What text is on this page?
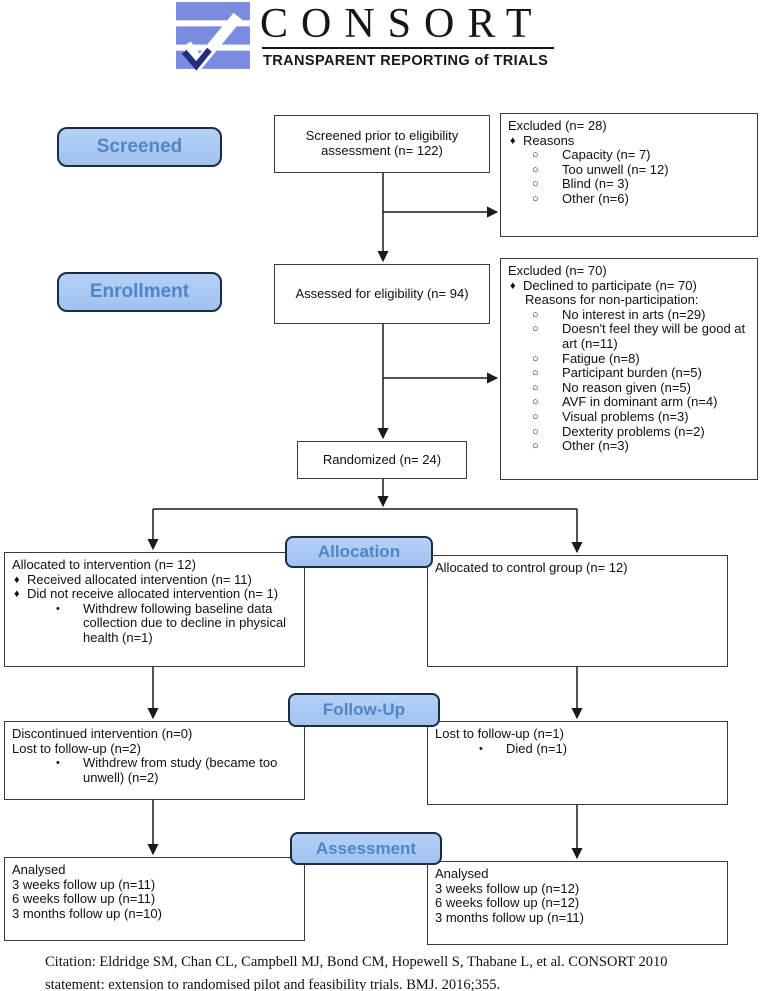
CONSORT
TRANSPARENT REPORTING of TRIALS
Screened
Enrollment
Allocation
Follow-Up
Assessment
Screened prior to eligibility assessment (n= 122)
Excluded (n= 28)
♦ Reasons
○	Capacity (n= 7)
○	Too unwell (n= 12)
○	Blind (n= 3)
○	Other (n=6)
Assessed for eligibility (n= 94)
Excluded (n= 70)
♦ Declined to participate (n= 70)
Reasons for non-participation:
○	No interest in arts (n=29)
○	Doesn't feel they will be good at art (n=11)
○	Fatigue (n=8)
○	Participant burden (n=5)
○	No reason given (n=5)
○	AVF in dominant arm (n=4)
○	Visual problems (n=3)
○	Dexterity problems (n=2)
○	Other (n=3)
Randomized (n= 24)
Allocated to intervention (n= 12)
♦ Received allocated intervention (n= 11)
♦ Did not receive allocated intervention (n= 1)
•	Withdrew following baseline data collection due to decline in physical health (n=1)
Allocated to control group (n= 12)
Discontinued intervention (n=0)
Lost to follow-up (n=2)
•	Withdrew from study (became too unwell) (n=2)
Lost to follow-up (n=1)
•	Died (n=1)
Analysed
3 weeks follow up (n=11)
6 weeks follow up (n=11)
3 months follow up (n=10)
Analysed
3 weeks follow up (n=12)
6 weeks follow up (n=12)
3 months follow up (n=11)
Citation: Eldridge SM, Chan CL, Campbell MJ, Bond CM, Hopewell S, Thabane L, et al. CONSORT 2010
statement: extension to randomised pilot and feasibility trials. BMJ. 2016;355.
